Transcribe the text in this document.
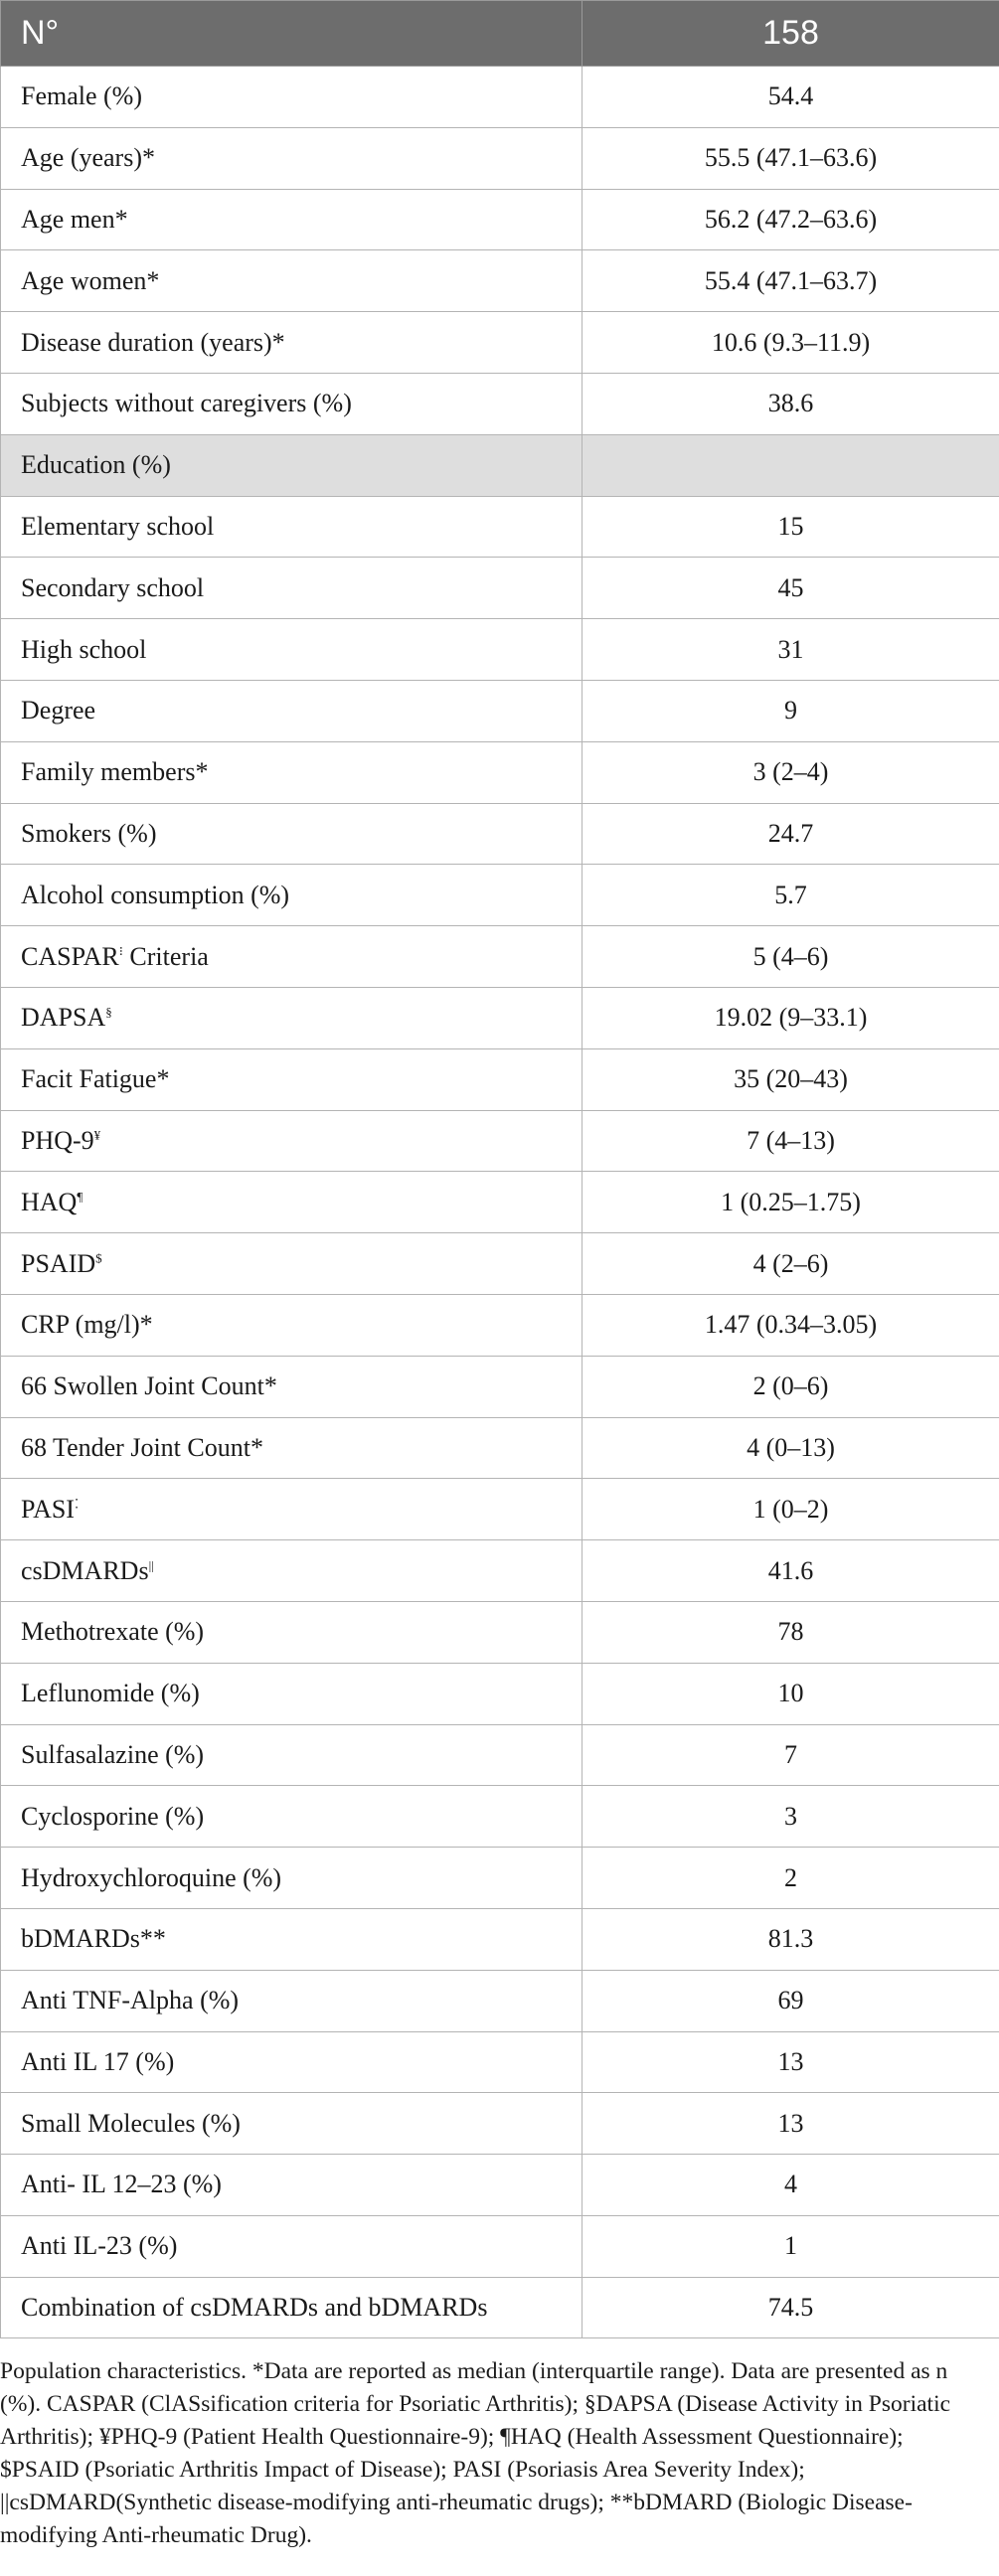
N°	158
Female (%)	54.4
Age (years)*	55.5 (47.1–63.6)
Age men*	56.2 (47.2–63.6)
Age women*	55.4 (47.1–63.7)
Disease duration (years)*	10.6 (9.3–11.9)
Subjects without caregivers (%)	38.6
Education (%)	
Elementary school	15
Secondary school	45
High school	31
Degree	9
Family members*	3 (2–4)
Smokers (%)	24.7
Alcohol consumption (%)	5.7
CASPAR⁝ Criteria	5 (4–6)
DAPSA§	19.02 (9–33.1)
Facit Fatigue*	35 (20–43)
PHQ-9¥	7 (4–13)
HAQ¶	1 (0.25–1.75)
PSAID$	4 (2–6)
CRP (mg/l)*	1.47 (0.34–3.05)
66 Swollen Joint Count*	2 (0–6)
68 Tender Joint Count*	4 (0–13)
PASI⁚	1 (0–2)
csDMARDs||	41.6
Methotrexate (%)	78
Leflunomide (%)	10
Sulfasalazine (%)	7
Cyclosporine (%)	3
Hydroxychloroquine (%)	2
bDMARDs**	81.3
Anti TNF-Alpha (%)	69
Anti IL 17 (%)	13
Small Molecules (%)	13
Anti- IL 12–23 (%)	4
Anti IL-23 (%)	1
Combination of csDMARDs and bDMARDs	74.5

Population characteristics. *Data are reported as median (interquartile range). Data are presented as n (%). CASPAR (ClASsification criteria for Psoriatic Arthritis); §DAPSA (Disease Activity in Psoriatic Arthritis); ¥PHQ-9 (Patient Health Questionnaire-9); ¶HAQ (Health Assessment Questionnaire); $PSAID (Psoriatic Arthritis Impact of Disease); PASI (Psoriasis Area Severity Index); ||csDMARD(Synthetic disease-modifying anti-rheumatic drugs); **bDMARD (Biologic Disease-modifying Anti-rheumatic Drug).
